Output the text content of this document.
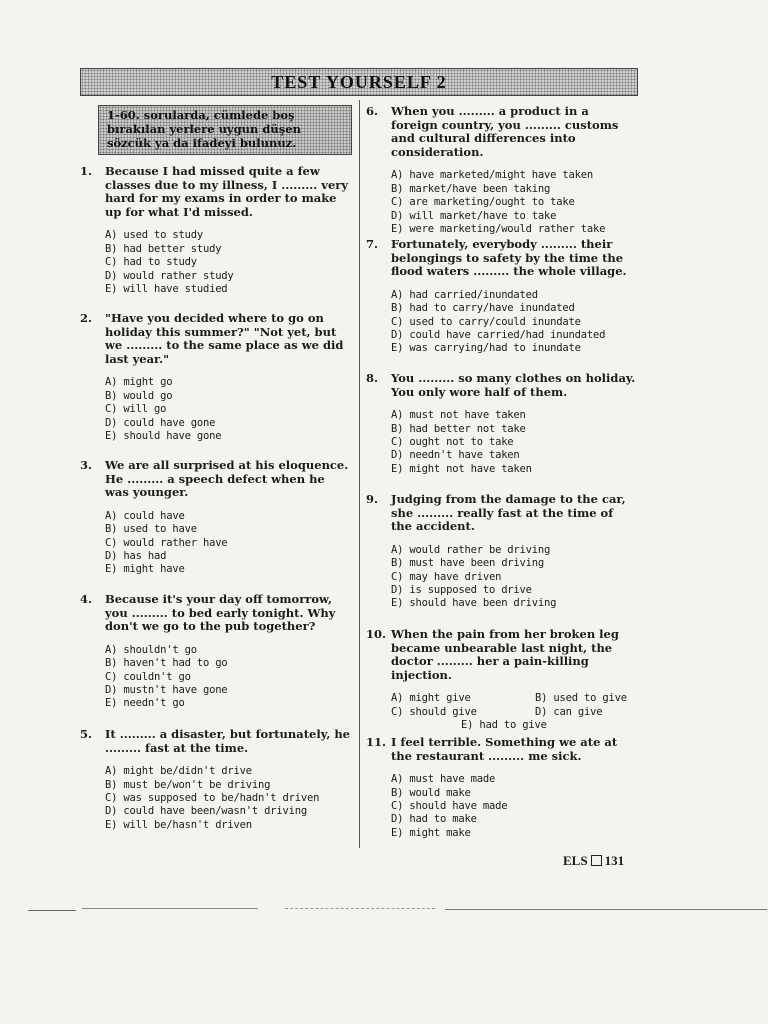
TEST YOURSELF 2

1-60. sorularda, cümlede boş bırakılan yerlere uygun düşen sözcük ya da ifadeyi bulunuz.

1. Because I had missed quite a few classes due to my illness, I ......... very hard for my exams in order to make up for what I'd missed.

A) used to study
B) had better study
C) had to study
D) would rather study
E) will have studied
2. "Have you decided where to go on holiday this summer?" "Not yet, but we ......... to the same place as we did last year."

A) might go
B) would go
C) will go
D) could have gone
E) should have gone
3. We are all surprised at his eloquence. He ......... a speech defect when he was younger.

A) could have
B) used to have
C) would rather have
D) has had
E) might have
4. Because it's your day off tomorrow, you ......... to bed early tonight. Why don't we go to the pub together?

A) shouldn't go
B) haven't had to go
C) couldn't go
D) mustn't have gone
E) needn't go
5. It ......... a disaster, but fortunately, he ......... fast at the time.

A) might be/didn't drive
B) must be/won't be driving
C) was supposed to be/hadn't driven
D) could have been/wasn't driving
E) will be/hasn't driven
6. When you ......... a product in a foreign country, you ......... customs and cultural differences into consideration.

A) have marketed/might have taken
B) market/have been taking
C) are marketing/ought to take
D) will market/have to take
E) were marketing/would rather take
7. Fortunately, everybody ......... their belongings to safety by the time the flood waters ......... the whole village.

A) had carried/inundated
B) had to carry/have inundated
C) used to carry/could inundate
D) could have carried/had inundated
E) was carrying/had to inundate
8. You ......... so many clothes on holiday. You only wore half of them.

A) must not have taken
B) had better not take
C) ought not to take
D) needn't have taken
E) might not have taken
9. Judging from the damage to the car, she ......... really fast at the time of the accident.

A) would rather be driving
B) must have been driving
C) may have driven
D) is supposed to drive
E) should have been driving
10. When the pain from her broken leg became unbearable last night, the doctor ......... her a pain-killing injection.

A) might give	B) used to give
C) should give	D) can give
E) had to give
11. I feel terrible. Something we ate at the restaurant ......... me sick.

A) must have made
B) would make
C) should have made
D) had to make
E) might make
ELS 131
